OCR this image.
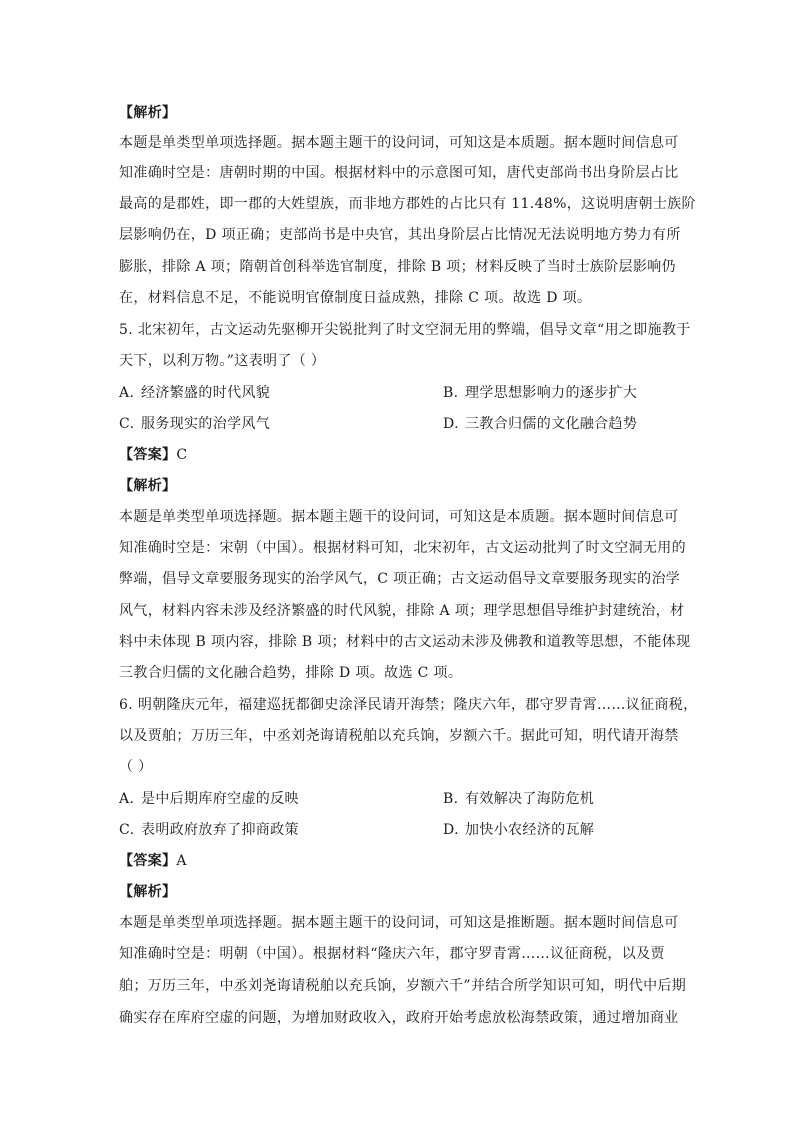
【解析】
本题是单类型单项选择题。据本题主题干的设问词，可知这是本质题。据本题时间信息可
知准确时空是：唐朝时期的中国。根据材料中的示意图可知，唐代吏部尚书出身阶层占比
最高的是郡姓，即一郡的大姓望族，而非地方郡姓的占比只有 11.48%，这说明唐朝士族阶
层影响仍在，D 项正确；吏部尚书是中央官，其出身阶层占比情况无法说明地方势力有所
膨胀，排除 A 项；隋朝首创科举选官制度，排除 B 项；材料反映了当时士族阶层影响仍
在，材料信息不足，不能说明官僚制度日益成熟，排除 C 项。故选 D 项。
5. 北宋初年，古文运动先驱柳开尖锐批判了时文空洞无用的弊端，倡导文章“用之即施教于
天下，以利万物。”这表明了（ ）
A. 经济繁盛的时代风貌	B. 理学思想影响力的逐步扩大
C. 服务现实的治学风气	D. 三教合归儒的文化融合趋势
【答案】C
【解析】
本题是单类型单项选择题。据本题主题干的设问词，可知这是本质题。据本题时间信息可
知准确时空是：宋朝（中国）。根据材料可知，北宋初年，古文运动批判了时文空洞无用的
弊端，倡导文章要服务现实的治学风气，C 项正确；古文运动倡导文章要服务现实的治学
风气，材料内容未涉及经济繁盛的时代风貌，排除 A 项；理学思想倡导维护封建统治，材
料中未体现 B 项内容，排除 B 项；材料中的古文运动未涉及佛教和道教等思想，不能体现
三教合归儒的文化融合趋势，排除 D 项。故选 C 项。
6. 明朝隆庆元年，福建巡抚都御史涂泽民请开海禁；隆庆六年，郡守罗青霄……议征商税，
以及贾舶；万历三年，中丞刘尧诲请税舶以充兵饷，岁额六千。据此可知，明代请开海禁
（ ）
A. 是中后期库府空虚的反映	B. 有效解决了海防危机
C. 表明政府放弃了抑商政策	D. 加快小农经济的瓦解
【答案】A
【解析】
本题是单类型单项选择题。据本题主题干的设问词，可知这是推断题。据本题时间信息可
知准确时空是：明朝（中国）。根据材料“隆庆六年，郡守罗青霄……议征商税，以及贾
舶；万历三年，中丞刘尧诲请税舶以充兵饷，岁额六千”并结合所学知识可知，明代中后期
确实存在库府空虚的问题，为增加财政收入，政府开始考虑放松海禁政策，通过增加商业
